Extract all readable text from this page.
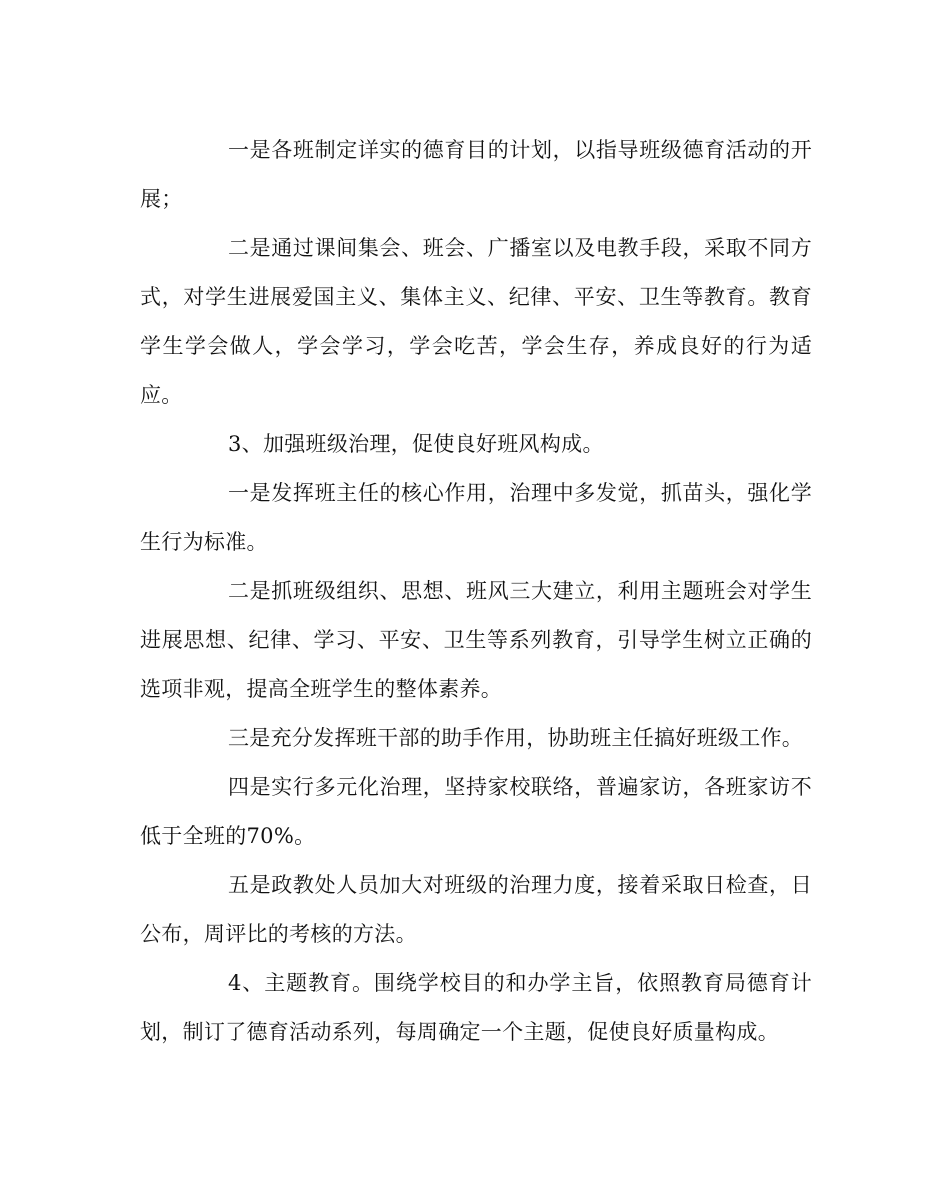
一是各班制定详实的德育目的计划，以指导班级德育活动的开展；

二是通过课间集会、班会、广播室以及电教手段，采取不同方式，对学生进展爱国主义、集体主义、纪律、平安、卫生等教育。教育学生学会做人，学会学习，学会吃苦，学会生存，养成良好的行为适应。

3、加强班级治理，促使良好班风构成。

一是发挥班主任的核心作用，治理中多发觉，抓苗头，强化学生行为标准。

二是抓班级组织、思想、班风三大建立，利用主题班会对学生进展思想、纪律、学习、平安、卫生等系列教育，引导学生树立正确的选项非观，提高全班学生的整体素养。

三是充分发挥班干部的助手作用，协助班主任搞好班级工作。

四是实行多元化治理，坚持家校联络，普遍家访，各班家访不低于全班的70%。

五是政教处人员加大对班级的治理力度，接着采取日检查，日公布，周评比的考核的方法。

4、主题教育。围绕学校目的和办学主旨，依照教育局德育计划，制订了德育活动系列，每周确定一个主题，促使良好质量构成。
